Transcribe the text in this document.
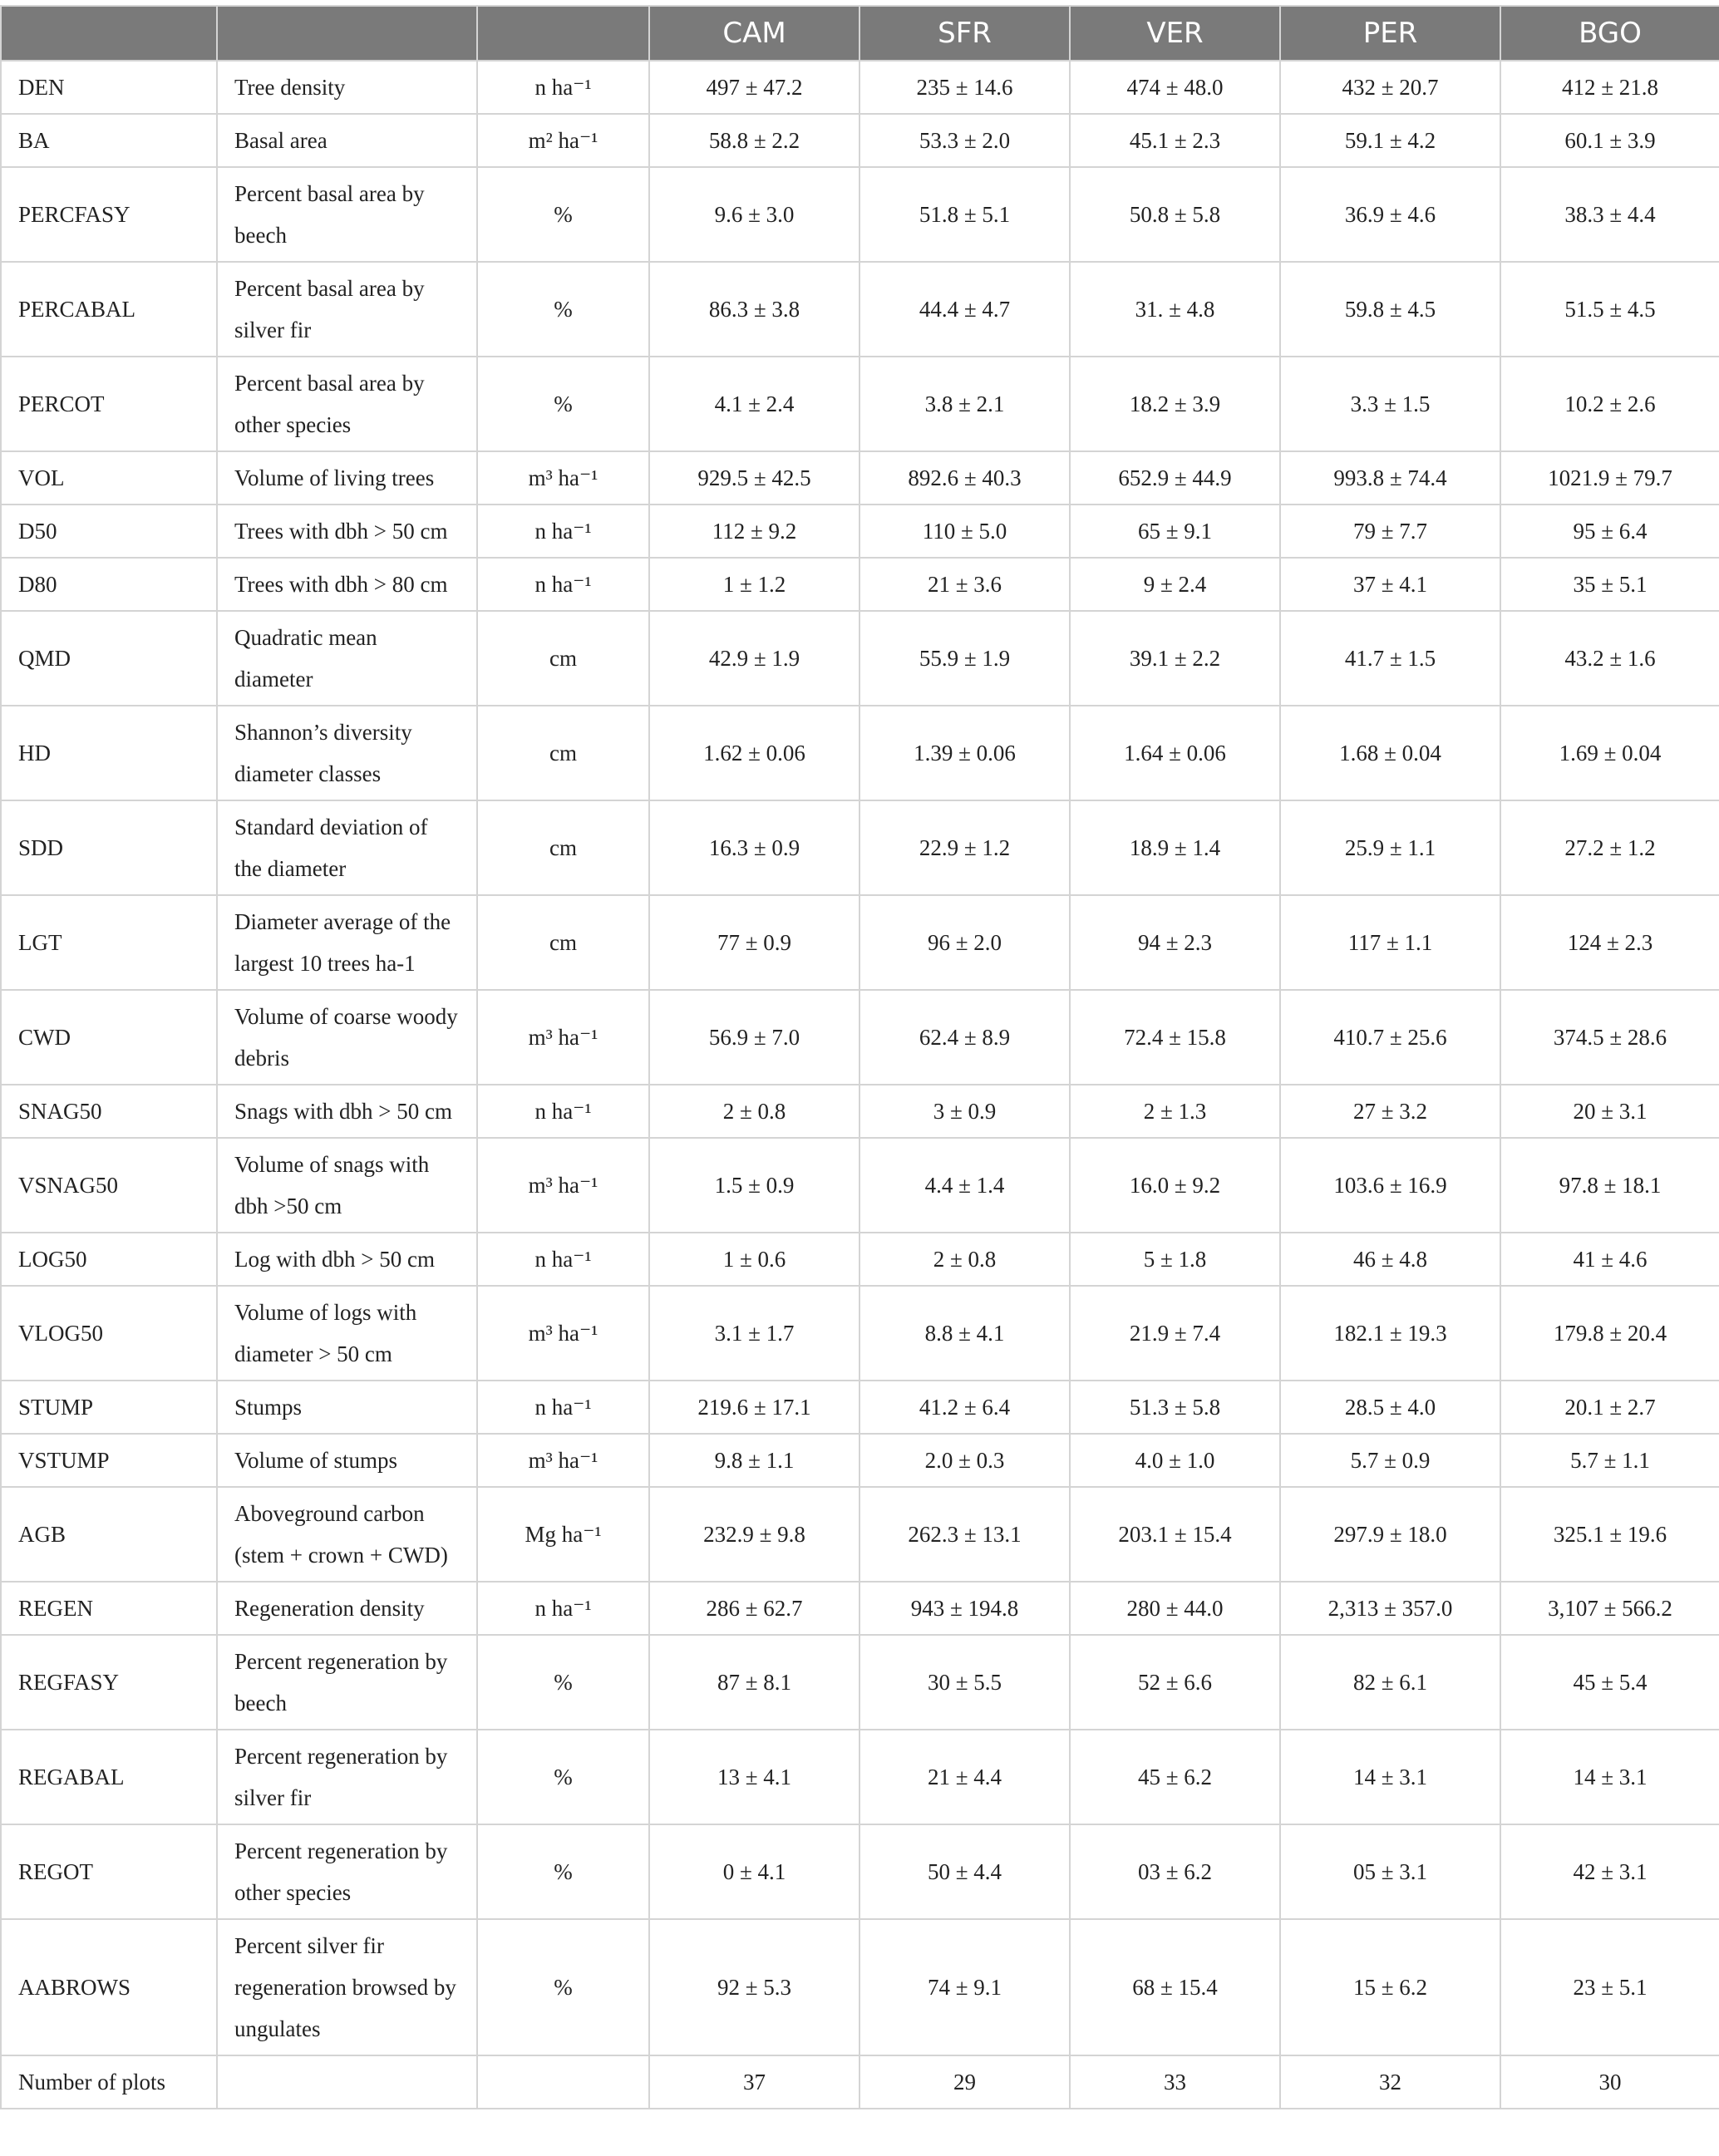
			CAM	SFR	VER	PER	BGO
DEN	Tree density	n ha⁻¹	497 ± 47.2	235 ± 14.6	474 ± 48.0	432 ± 20.7	412 ± 21.8
BA	Basal area	m² ha⁻¹	58.8 ± 2.2	53.3 ± 2.0	45.1 ± 2.3	59.1 ± 4.2	60.1 ± 3.9
PERCFASY	Percent basal area by beech	%	9.6 ± 3.0	51.8 ± 5.1	50.8 ± 5.8	36.9 ± 4.6	38.3 ± 4.4
PERCABAL	Percent basal area by silver fir	%	86.3 ± 3.8	44.4 ± 4.7	31. ± 4.8	59.8 ± 4.5	51.5 ± 4.5
PERCOT	Percent basal area by other species	%	4.1 ± 2.4	3.8 ± 2.1	18.2 ± 3.9	3.3 ± 1.5	10.2 ± 2.6
VOL	Volume of living trees	m³ ha⁻¹	929.5 ± 42.5	892.6 ± 40.3	652.9 ± 44.9	993.8 ± 74.4	1021.9 ± 79.7
D50	Trees with dbh > 50 cm	n ha⁻¹	112 ± 9.2	110 ± 5.0	65 ± 9.1	79 ± 7.7	95 ± 6.4
D80	Trees with dbh > 80 cm	n ha⁻¹	1 ± 1.2	21 ± 3.6	9 ± 2.4	37 ± 4.1	35 ± 5.1
QMD	Quadratic mean diameter	cm	42.9 ± 1.9	55.9 ± 1.9	39.1 ± 2.2	41.7 ± 1.5	43.2 ± 1.6
HD	Shannon’s diversity diameter classes	cm	1.62 ± 0.06	1.39 ± 0.06	1.64 ± 0.06	1.68 ± 0.04	1.69 ± 0.04
SDD	Standard deviation of the diameter	cm	16.3 ± 0.9	22.9 ± 1.2	18.9 ± 1.4	25.9 ± 1.1	27.2 ± 1.2
LGT	Diameter average of the largest 10 trees ha-1	cm	77 ± 0.9	96 ± 2.0	94 ± 2.3	117 ± 1.1	124 ± 2.3
CWD	Volume of coarse woody debris	m³ ha⁻¹	56.9 ± 7.0	62.4 ± 8.9	72.4 ± 15.8	410.7 ± 25.6	374.5 ± 28.6
SNAG50	Snags with dbh > 50 cm	n ha⁻¹	2 ± 0.8	3 ± 0.9	2 ± 1.3	27 ± 3.2	20 ± 3.1
VSNAG50	Volume of snags with dbh >50 cm	m³ ha⁻¹	1.5 ± 0.9	4.4 ± 1.4	16.0 ± 9.2	103.6 ± 16.9	97.8 ± 18.1
LOG50	Log with dbh > 50 cm	n ha⁻¹	1 ± 0.6	2 ± 0.8	5 ± 1.8	46 ± 4.8	41 ± 4.6
VLOG50	Volume of logs with diameter > 50 cm	m³ ha⁻¹	3.1 ± 1.7	8.8 ± 4.1	21.9 ± 7.4	182.1 ± 19.3	179.8 ± 20.4
STUMP	Stumps	n ha⁻¹	219.6 ± 17.1	41.2 ± 6.4	51.3 ± 5.8	28.5 ± 4.0	20.1 ± 2.7
VSTUMP	Volume of stumps	m³ ha⁻¹	9.8 ± 1.1	2.0 ± 0.3	4.0 ± 1.0	5.7 ± 0.9	5.7 ± 1.1
AGB	Aboveground carbon (stem + crown + CWD)	Mg ha⁻¹	232.9 ± 9.8	262.3 ± 13.1	203.1 ± 15.4	297.9 ± 18.0	325.1 ± 19.6
REGEN	Regeneration density	n ha⁻¹	286 ± 62.7	943 ± 194.8	280 ± 44.0	2,313 ± 357.0	3,107 ± 566.2
REGFASY	Percent regeneration by beech	%	87 ± 8.1	30 ± 5.5	52 ± 6.6	82 ± 6.1	45 ± 5.4
REGABAL	Percent regeneration by silver fir	%	13 ± 4.1	21 ± 4.4	45 ± 6.2	14 ± 3.1	14 ± 3.1
REGOT	Percent regeneration by other species	%	0 ± 4.1	50 ± 4.4	03 ± 6.2	05 ± 3.1	42 ± 3.1
AABROWS	Percent silver fir regeneration browsed by ungulates	%	92 ± 5.3	74 ± 9.1	68 ± 15.4	15 ± 6.2	23 ± 5.1
Number of plots			37	29	33	32	30
